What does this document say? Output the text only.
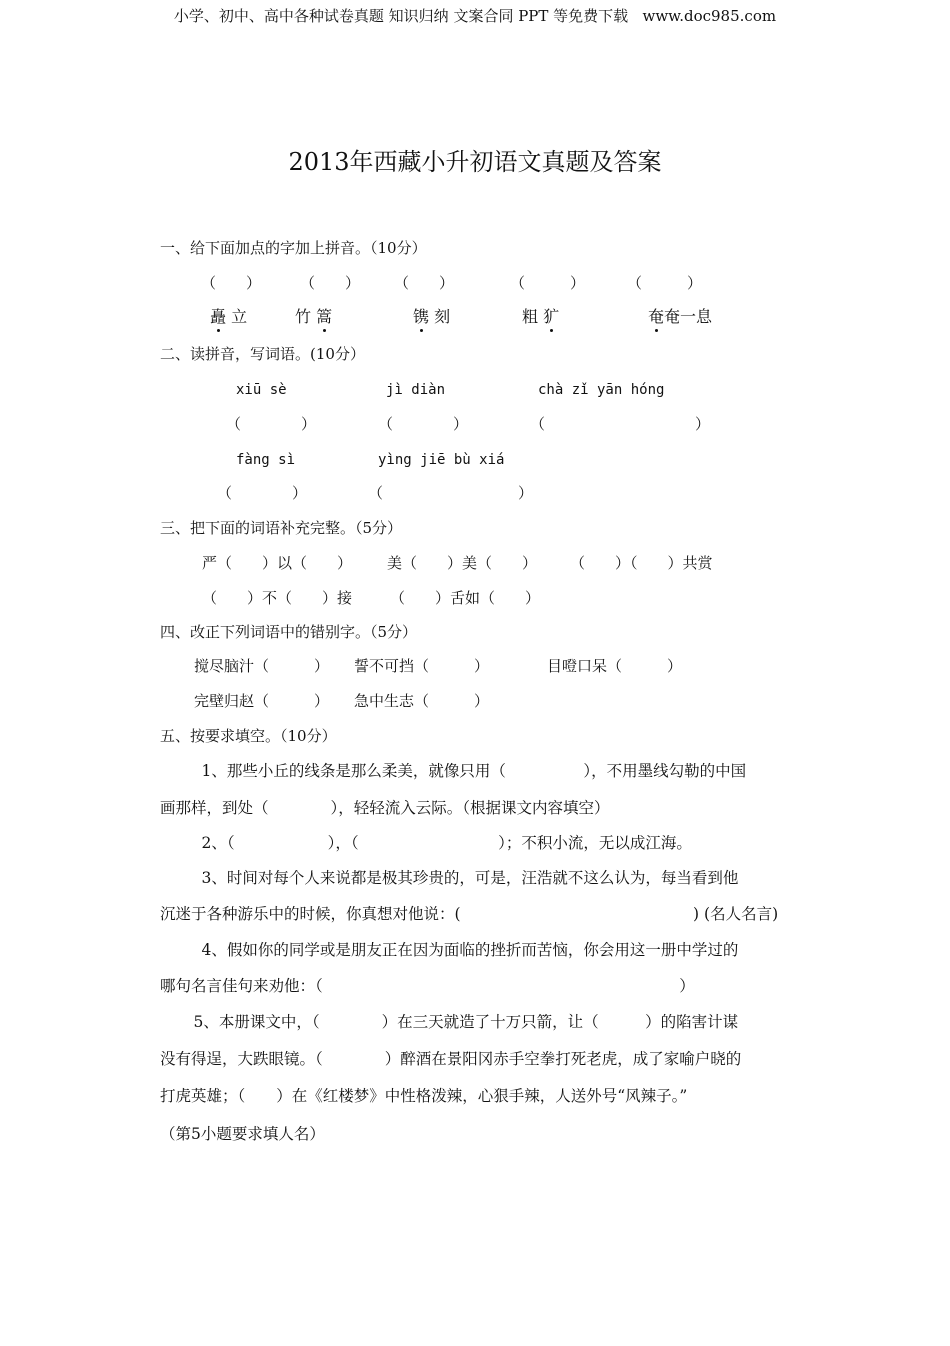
小学、初中、高中各种试卷真题 知识归纳 文案合同 PPT 等免费下载   www.doc985.com
2013年西藏小升初语文真题及答案
一、给下面加点的字加上拼音。（10分）
（　　）	（　　） （　　）	（　　　）	（　　　）
矗 立	竹 篙	镌 刻	粗 犷	奄奄一息
二、读拼音，写词语。(10分）
xiū sè	jì diàn	chà zǐ yān hóng
（　　　　）	（　　　　）	（　　　　　　　　　　）
fàng sì	yìng jiē bù xiá
（　　　　）	（　　　　　　　　　）
三、把下面的词语补充完整。（5分）
严（　　）以（　　） 美（　　）美（　　） （　　）（　　）共赏
（　　）不（　　）接	（　　）舌如（　　）
四、改正下列词语中的错别字。（5分）
搅尽脑汁（　　　） 誓不可挡（　　　）	目噔口呆（　　　）
完壁归赵（　　　） 急中生志（　　　）
五、按要求填空。（10分）
　1、那些小丘的线条是那么柔美，就像只用（　　　　　），不用墨线勾勒的中国
画那样，到处（　　　　），轻轻流入云际。（根据课文内容填空）
　2、（　　　　　　），（　　　　　　　　　）；不积小流，无以成江海。
　3、时间对每个人来说都是极其珍贵的，可是，汪浩就不这么认为，每当看到他
沉迷于各种游乐中的时候，你真想对他说：(　　　　　　　　　　　　　　　) (名人名言)
　4、假如你的同学或是朋友正在因为面临的挫折而苦恼，你会用这一册中学过的
哪句名言佳句来劝他：（　　　　　　　　　　　　　　　　　　　　　　　）
　5、本册课文中，（　　　　）在三天就造了十万只箭，让（　　　）的陷害计谋
没有得逞，大跌眼镜。（　　　　）醉酒在景阳冈赤手空拳打死老虎，成了家喻户晓的
打虎英雄；（　　）在《红楼梦》中性格泼辣，心狠手辣，人送外号“风辣子。”
（第5小题要求填人名）
